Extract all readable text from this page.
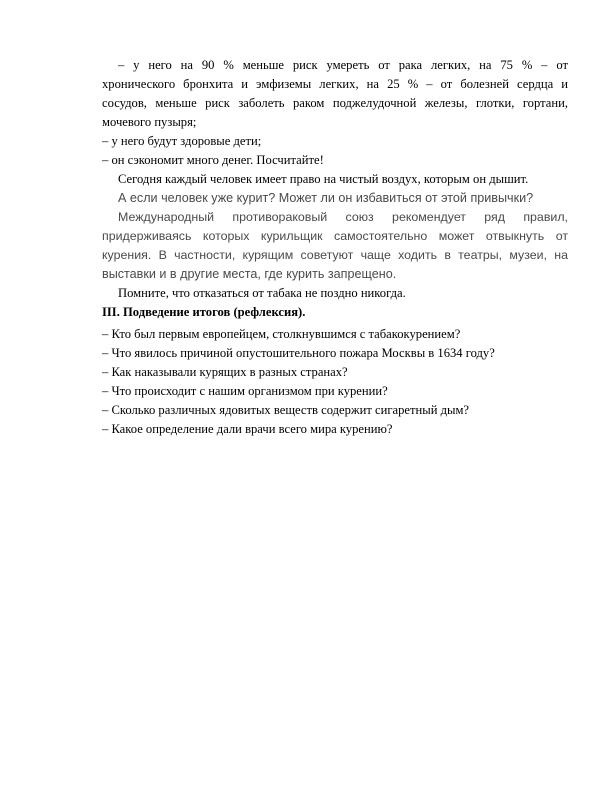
– у него на 90 % меньше риск умереть от рака легких, на 75 % – от

хронического бронхита и эмфиземы легких, на 25 % – от болезней сердца и

сосудов, меньше риск заболеть раком поджелудочной железы, глотки, гортани,

мочевого пузыря;

– у него будут здоровые дети;

– он сэкономит много денег. Посчитайте!

Сегодня каждый человек имеет право на чистый воздух, которым он дышит.

А если человек уже курит? Может ли он избавиться от этой привычки?

Международный противораковый союз рекомендует ряд правил,

придерживаясь которых курильщик самостоятельно может отвыкнуть от

курения. В частности, курящим советуют чаще ходить в театры, музеи, на

выставки и в другие места, где курить запрещено.

Помните, что отказаться от табака не поздно никогда.

III. Подведение итогов (рефлексия).

– Кто был первым европейцем, столкнувшимся с табакокурением?

– Что явилось причиной опустошительного пожара Москвы в 1634 году?

– Как наказывали курящих в разных странах?

– Что происходит с нашим организмом при курении?

– Сколько различных ядовитых веществ содержит сигаретный дым?

– Какое определение дали врачи всего мира курению?
